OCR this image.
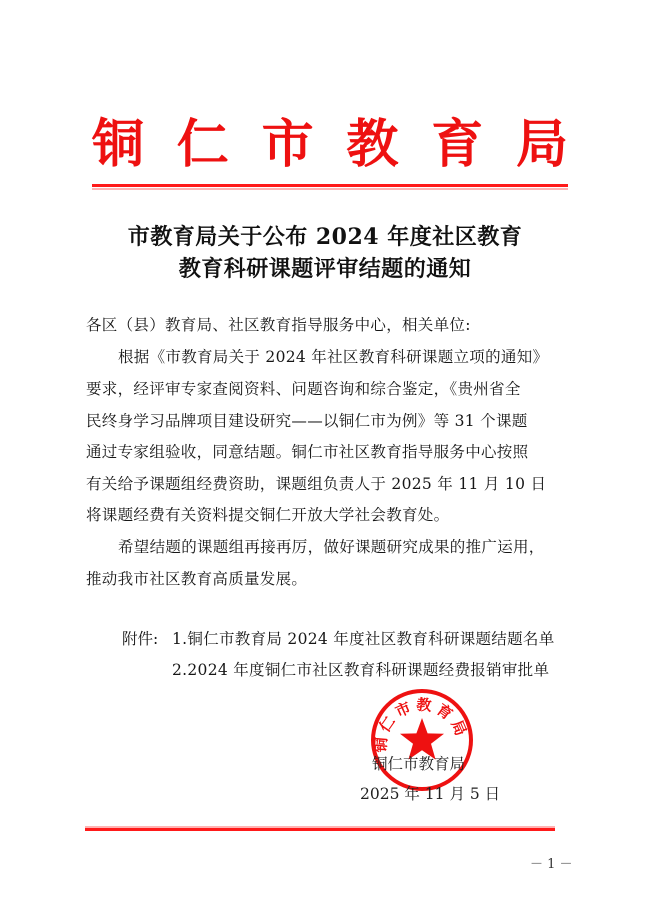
铜 仁 市 教 育 局
市教育局关于公布 2024 年度社区教育
教育科研课题评审结题的通知
各区（县）教育局、社区教育指导服务中心，相关单位:
根据《市教育局关于 2024 年社区教育科研课题立项的通知》
要求，经评审专家查阅资料、问题咨询和综合鉴定，《贵州省全
民终身学习品牌项目建设研究——以铜仁市为例》等 31 个课题
通过专家组验收，同意结题。铜仁市社区教育指导服务中心按照
有关给予课题组经费资助，课题组负责人于 2025 年 11 月 10 日
将课题经费有关资料提交铜仁开放大学社会教育处。
希望结题的课题组再接再厉，做好课题研究成果的推广运用，
推动我市社区教育高质量发展。
附件: 1.铜仁市教育局 2024 年度社区教育科研课题结题名单
2.2024 年度铜仁市社区教育科研课题经费报销审批单
铜仁市教育局
铜仁市教育局
2025 年 11 月 5 日
－ 1 －
